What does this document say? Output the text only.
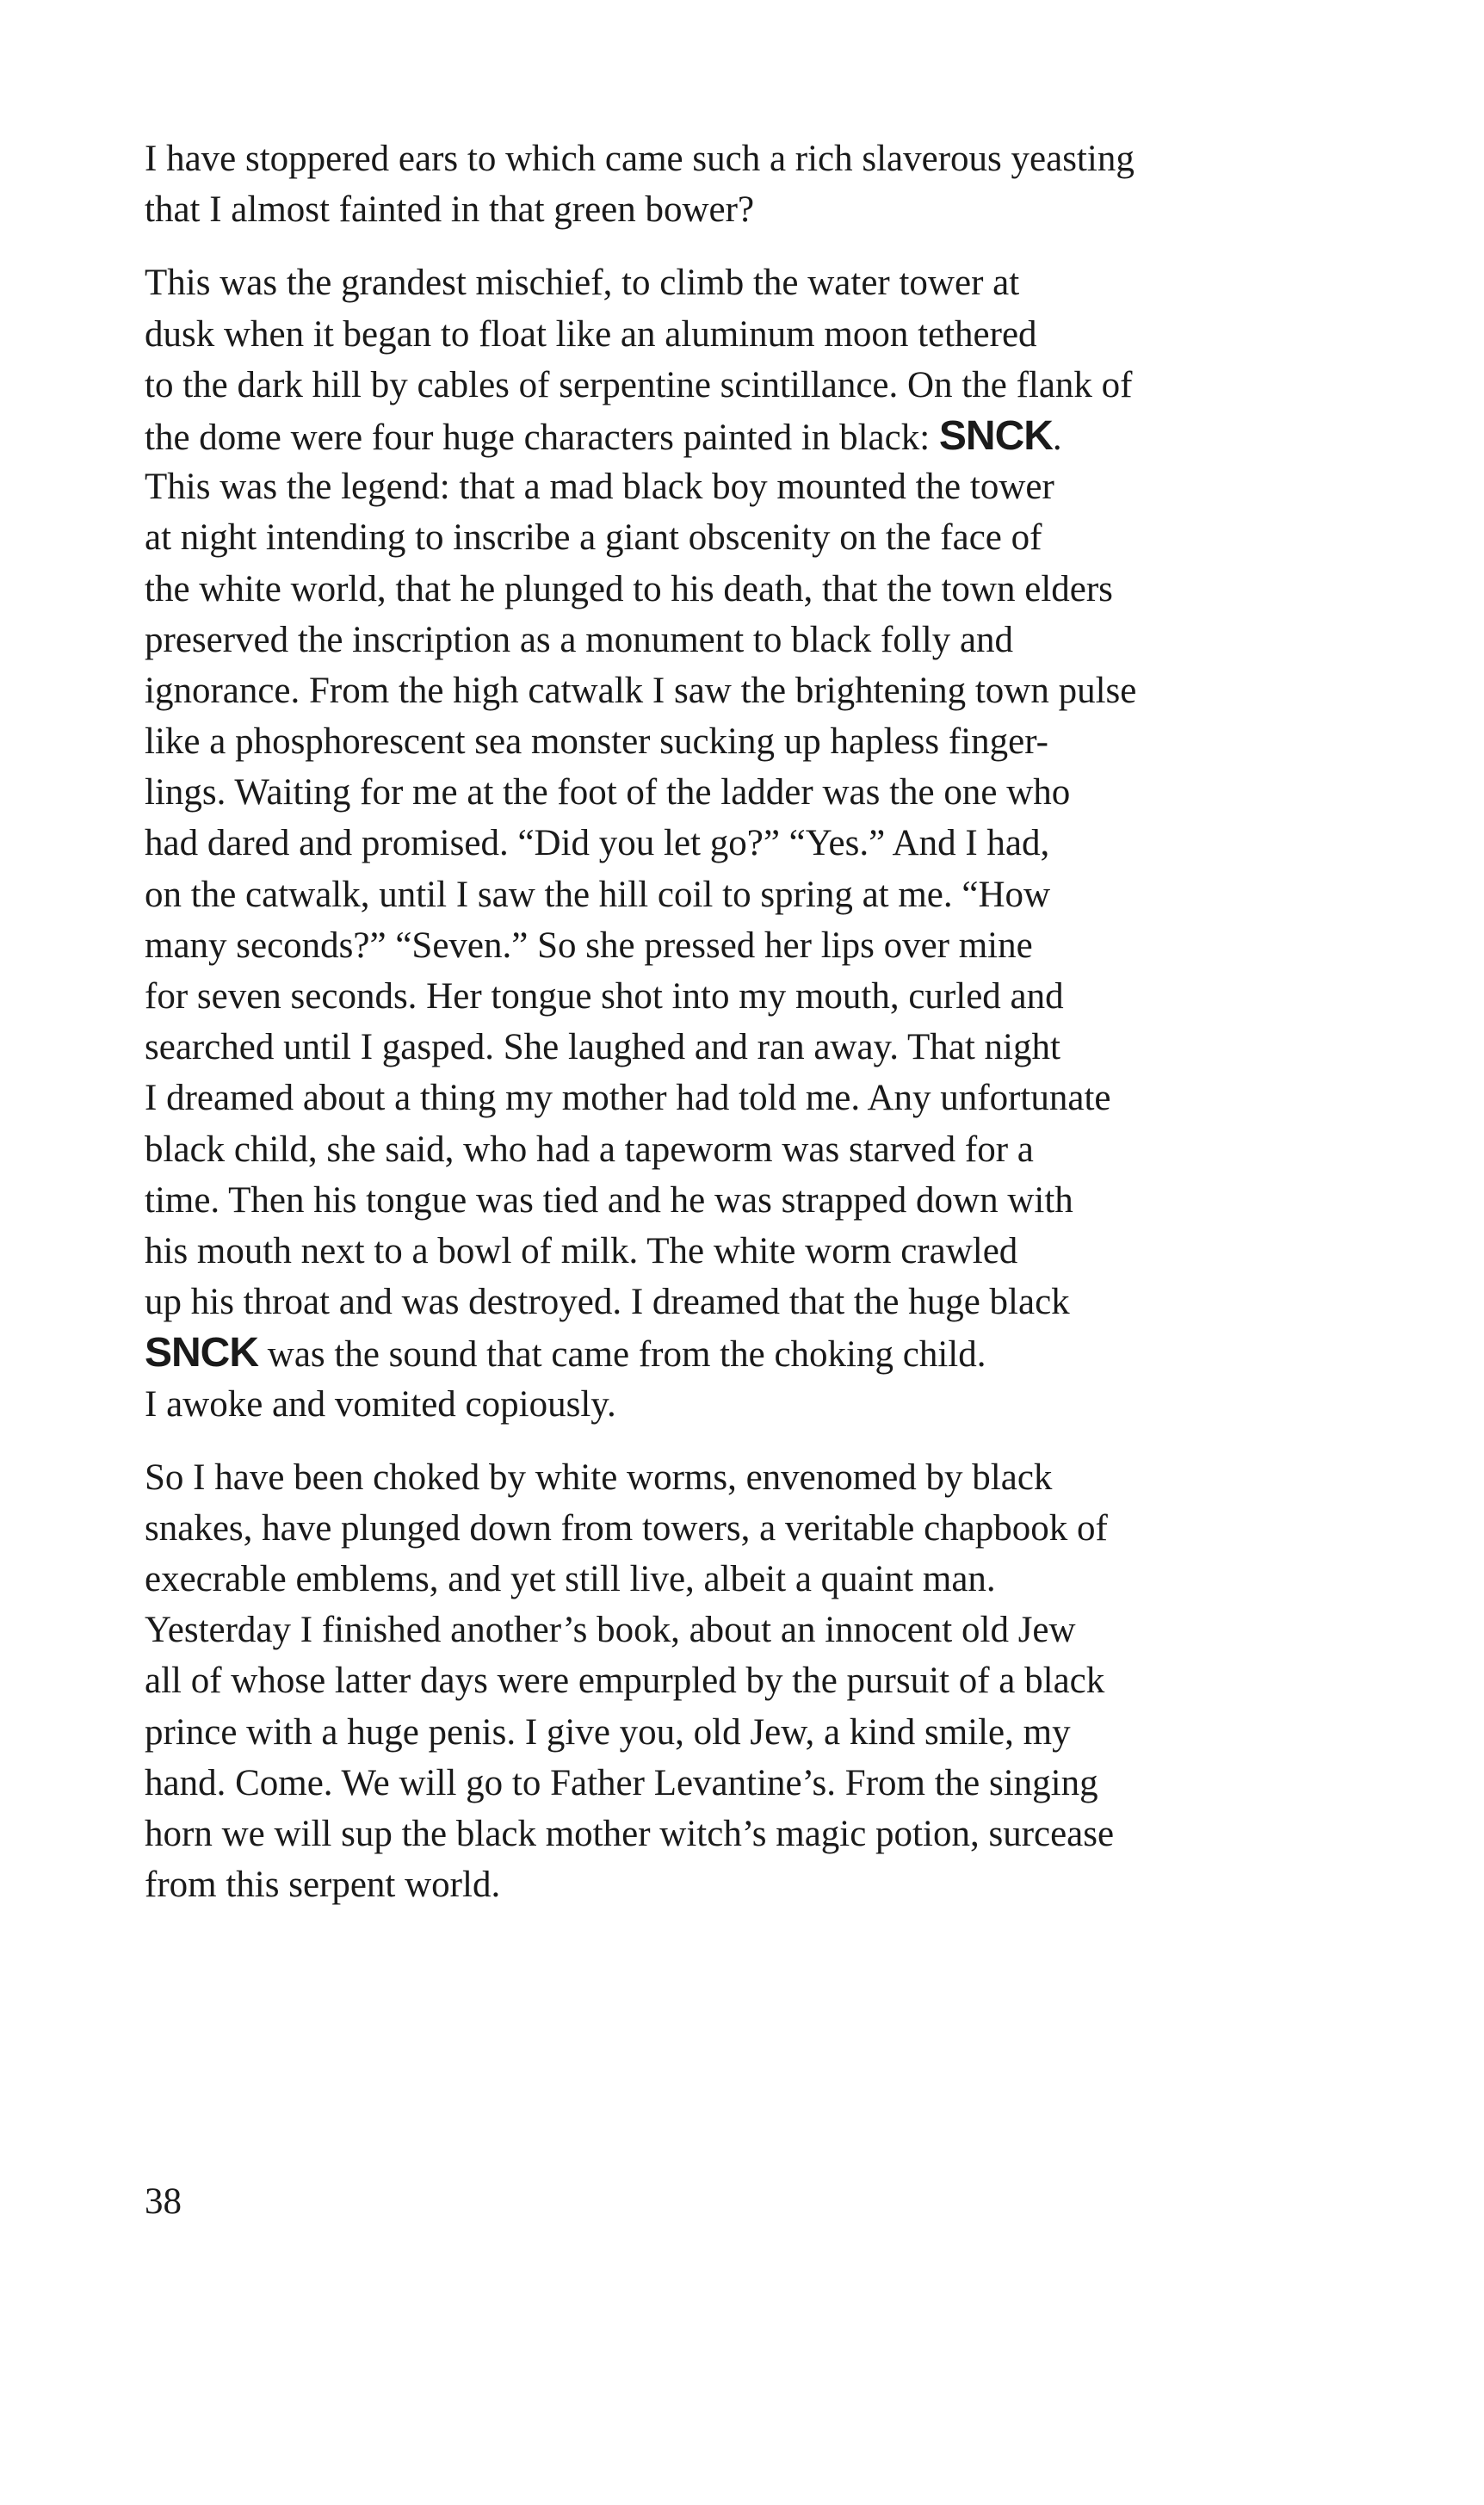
I have stoppered ears to which came such a rich slaverous yeasting
that I almost fainted in that green bower?

This was the grandest mischief, to climb the water tower at
dusk when it began to float like an aluminum moon tethered
to the dark hill by cables of serpentine scintillance. On the flank of
the dome were four huge characters painted in black: SNCK.
This was the legend: that a mad black boy mounted the tower
at night intending to inscribe a giant obscenity on the face of
the white world, that he plunged to his death, that the town elders
preserved the inscription as a monument to black folly and
ignorance. From the high catwalk I saw the brightening town pulse
like a phosphorescent sea monster sucking up hapless finger-
lings. Waiting for me at the foot of the ladder was the one who
had dared and promised. “Did you let go?” “Yes.” And I had,
on the catwalk, until I saw the hill coil to spring at me. “How
many seconds?” “Seven.” So she pressed her lips over mine
for seven seconds. Her tongue shot into my mouth, curled and
searched until I gasped. She laughed and ran away. That night
I dreamed about a thing my mother had told me. Any unfortunate
black child, she said, who had a tapeworm was starved for a
time. Then his tongue was tied and he was strapped down with
his mouth next to a bowl of milk. The white worm crawled
up his throat and was destroyed. I dreamed that the huge black
SNCK was the sound that came from the choking child.
I awoke and vomited copiously.

So I have been choked by white worms, envenomed by black
snakes, have plunged down from towers, a veritable chapbook of
execrable emblems, and yet still live, albeit a quaint man.
Yesterday I finished another’s book, about an innocent old Jew
all of whose latter days were empurpled by the pursuit of a black
prince with a huge penis. I give you, old Jew, a kind smile, my
hand. Come. We will go to Father Levantine’s. From the singing
horn we will sup the black mother witch’s magic potion, surcease
from this serpent world.

38
